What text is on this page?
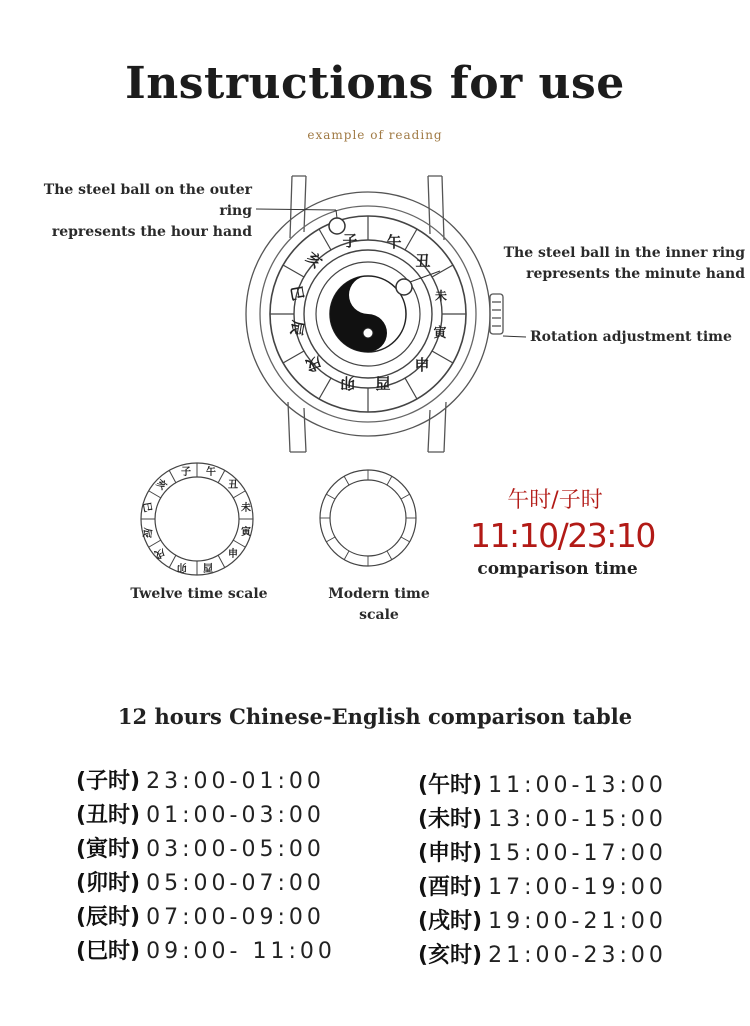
Instructions for use
example of reading
子 午
丑
未
寅
申
酉
卯
戌
辰
巳
亥
子 午
丑
未
寅
申
酉
卯
戌
辰
巳
亥
The steel ball on the outer ring
represents the hour hand
The steel ball in the inner ring
represents the minute hand
Rotation adjustment time
Twelve time scale	Modern time scale
午时/子时
11:10/23:10
comparison time
12 hours Chinese-English comparison table
(子时) 23:00-01:00
(丑时) 01:00-03:00
(寅时) 03:00-05:00
(卯时) 05:00-07:00
(辰时) 07:00-09:00
(巳时) 09:00- 11:00
(午时) 11:00-13:00
(未时) 13:00-15:00
(申时) 15:00-17:00
(酉时) 17:00-19:00
(戌时) 19:00-21:00
(亥时) 21:00-23:00
